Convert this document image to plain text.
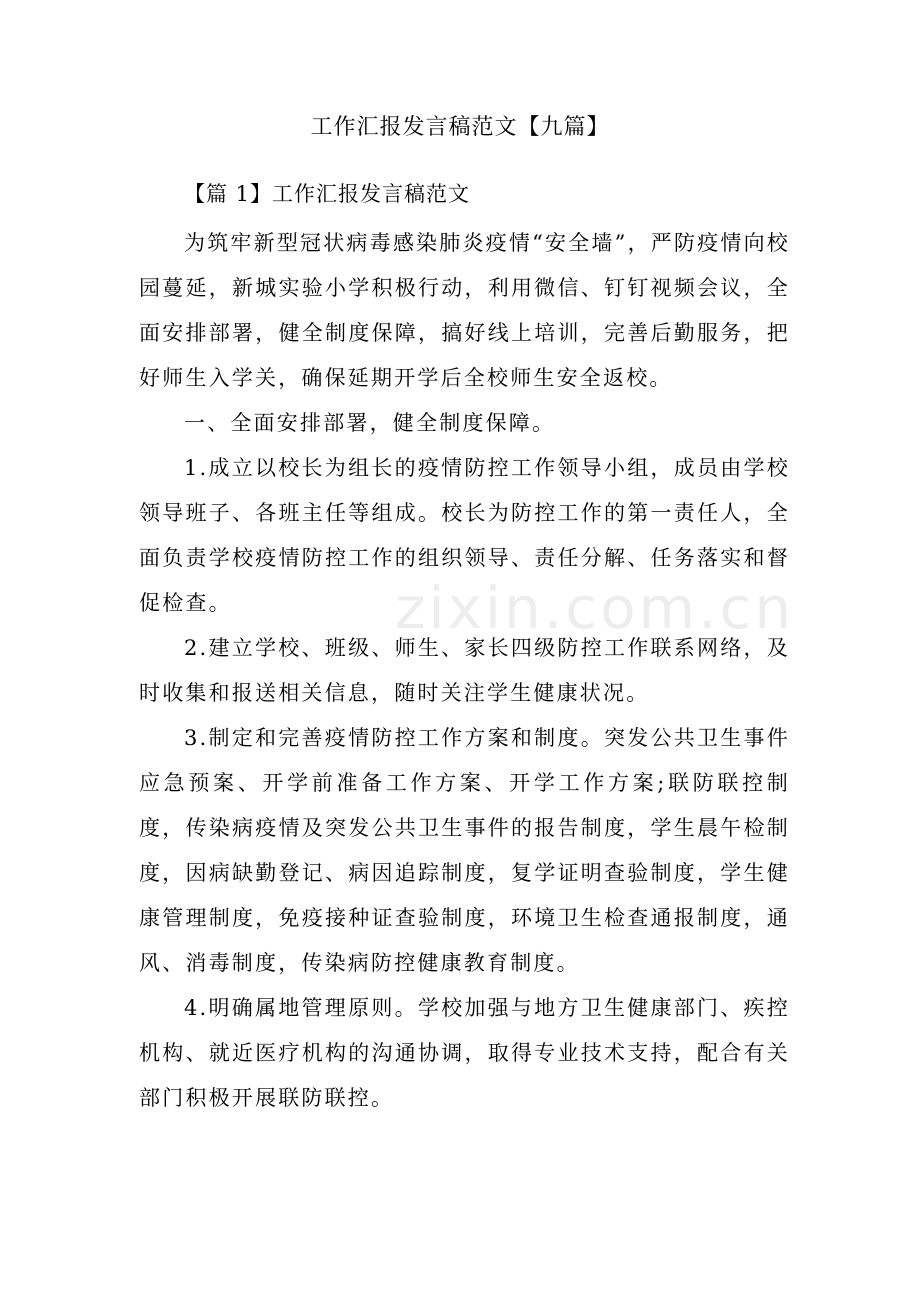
工作汇报发言稿范文【九篇】
【篇 1】工作汇报发言稿范文

为筑牢新型冠状病毒感染肺炎疫情“安全墙”，严防疫情向校园蔓延，新城实验小学积极行动，利用微信、钉钉视频会议，全面安排部署，健全制度保障，搞好线上培训，完善后勤服务，把好师生入学关，确保延期开学后全校师生安全返校。

一、全面安排部署，健全制度保障。

1.成立以校长为组长的疫情防控工作领导小组，成员由学校领导班子、各班主任等组成。校长为防控工作的第一责任人，全面负责学校疫情防控工作的组织领导、责任分解、任务落实和督促检查。

2.建立学校、班级、师生、家长四级防控工作联系网络，及时收集和报送相关信息，随时关注学生健康状况。

3.制定和完善疫情防控工作方案和制度。突发公共卫生事件应急预案、开学前准备工作方案、开学工作方案;联防联控制度，传染病疫情及突发公共卫生事件的报告制度，学生晨午检制度，因病缺勤登记、病因追踪制度，复学证明查验制度，学生健康管理制度，免疫接种证查验制度，环境卫生检查通报制度，通风、消毒制度，传染病防控健康教育制度。

4.明确属地管理原则。学校加强与地方卫生健康部门、疾控机构、就近医疗机构的沟通协调，取得专业技术支持，配合有关部门积极开展联防联控。

zixin.com.cn
